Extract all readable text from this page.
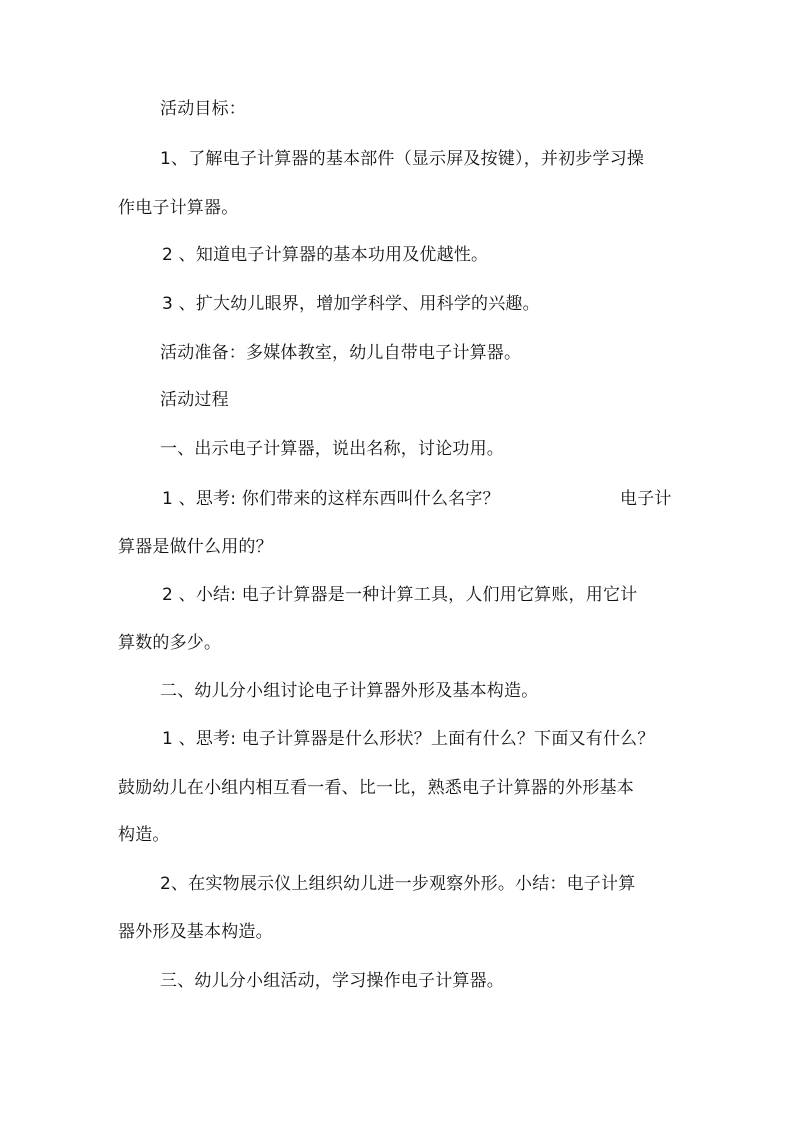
活动目标：
1、了解电子计算器的基本部件（显示屏及按键），并初步学习操
作电子计算器。
2 、知道电子计算器的基本功用及优越性。
3 、扩大幼儿眼界，增加学科学、用科学的兴趣。
活动准备：多媒体教室，幼儿自带电子计算器。
活动过程
一、出示电子计算器，说出名称，讨论功用。
1 、思考: 你们带来的这样东西叫什么名字？	电子计
算器是做什么用的？
2 、小结: 电子计算器是一种计算工具，人们用它算账，用它计
算数的多少。
二、幼儿分小组讨论电子计算器外形及基本构造。
1 、思考: 电子计算器是什么形状？上面有什么？下面又有什么？
鼓励幼儿在小组内相互看一看、比一比，熟悉电子计算器的外形基本
构造。
2、在实物展示仪上组织幼儿进一步观察外形。小结：电子计算
器外形及基本构造。
三、幼儿分小组活动，学习操作电子计算器。
